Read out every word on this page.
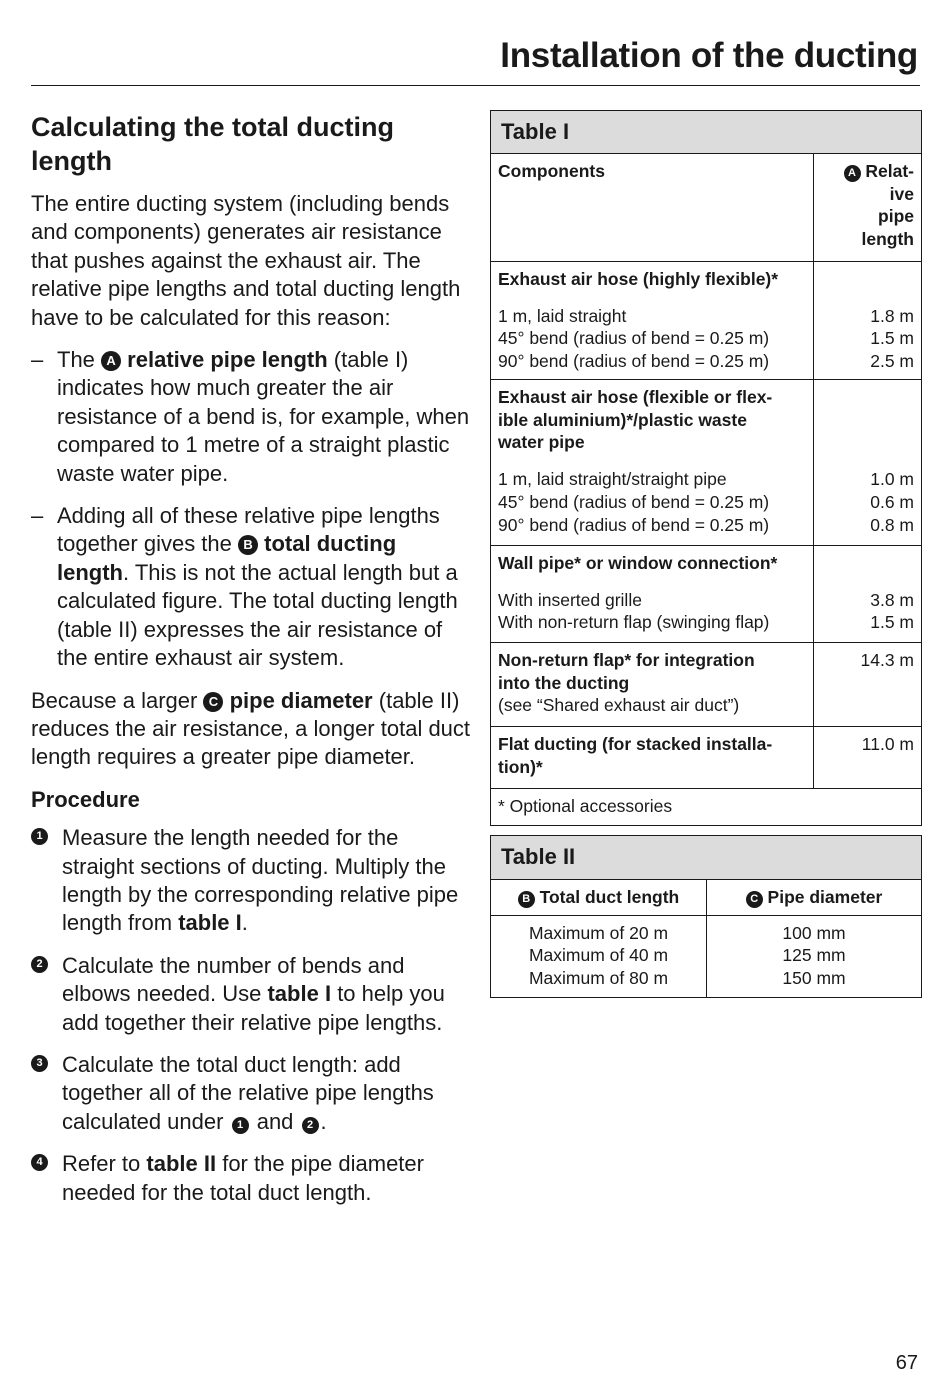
Installation of the ducting
Calculating the total ducting length

The entire ducting system (including bends and components) generates air resistance that pushes against the exhaust air. The relative pipe lengths and total ducting length have to be calculated for this reason:

– The A relative pipe length (table I) indicates how much greater the air resistance of a bend is, for example, when compared to 1 metre of a straight plastic waste water pipe.
– Adding all of these relative pipe lengths together gives the B total ducting length. This is not the actual length but a calculated figure. The total ducting length (table II) expresses the air resistance of the entire exhaust air system.

Because a larger C pipe diameter (table II) reduces the air resistance, a longer total duct length requires a greater pipe diameter.

Procedure
1 Measure the length needed for the straight sections of ducting. Multiply the length by the corresponding relative pipe length from table I.
2 Calculate the number of bends and elbows needed. Use table I to help you add together their relative pipe lengths.
3 Calculate the total duct length: add together all of the relative pipe lengths calculated under 1 and 2 .
4 Refer to table II for the pipe diameter needed for the total duct length.
Table I
Components	A Relat-
ive
pipe
length
Exhaust air hose (highly flexible)*
1 m, laid straight
45° bend (radius of bend = 0.25 m)
90° bend (radius of bend = 0.25 m)
1.8 m
1.5 m
2.5 m
Exhaust air hose (flexible or flex-
ible aluminium)*/plastic waste
water pipe
1 m, laid straight/straight pipe
45° bend (radius of bend = 0.25 m)
90° bend (radius of bend = 0.25 m)
1.0 m
0.6 m
0.8 m
Wall pipe* or window connection*
With inserted grille
With non-return flap (swinging flap)
3.8 m
1.5 m
Non-return flap* for integration
into the ducting
(see “Shared exhaust air duct”)
14.3 m
Flat ducting (for stacked installa-
tion)*
11.0 m
* Optional accessories
Table II
B Total duct length	C Pipe diameter
Maximum of 20 m
Maximum of 40 m
Maximum of 80 m
100 mm
125 mm
150 mm
67
